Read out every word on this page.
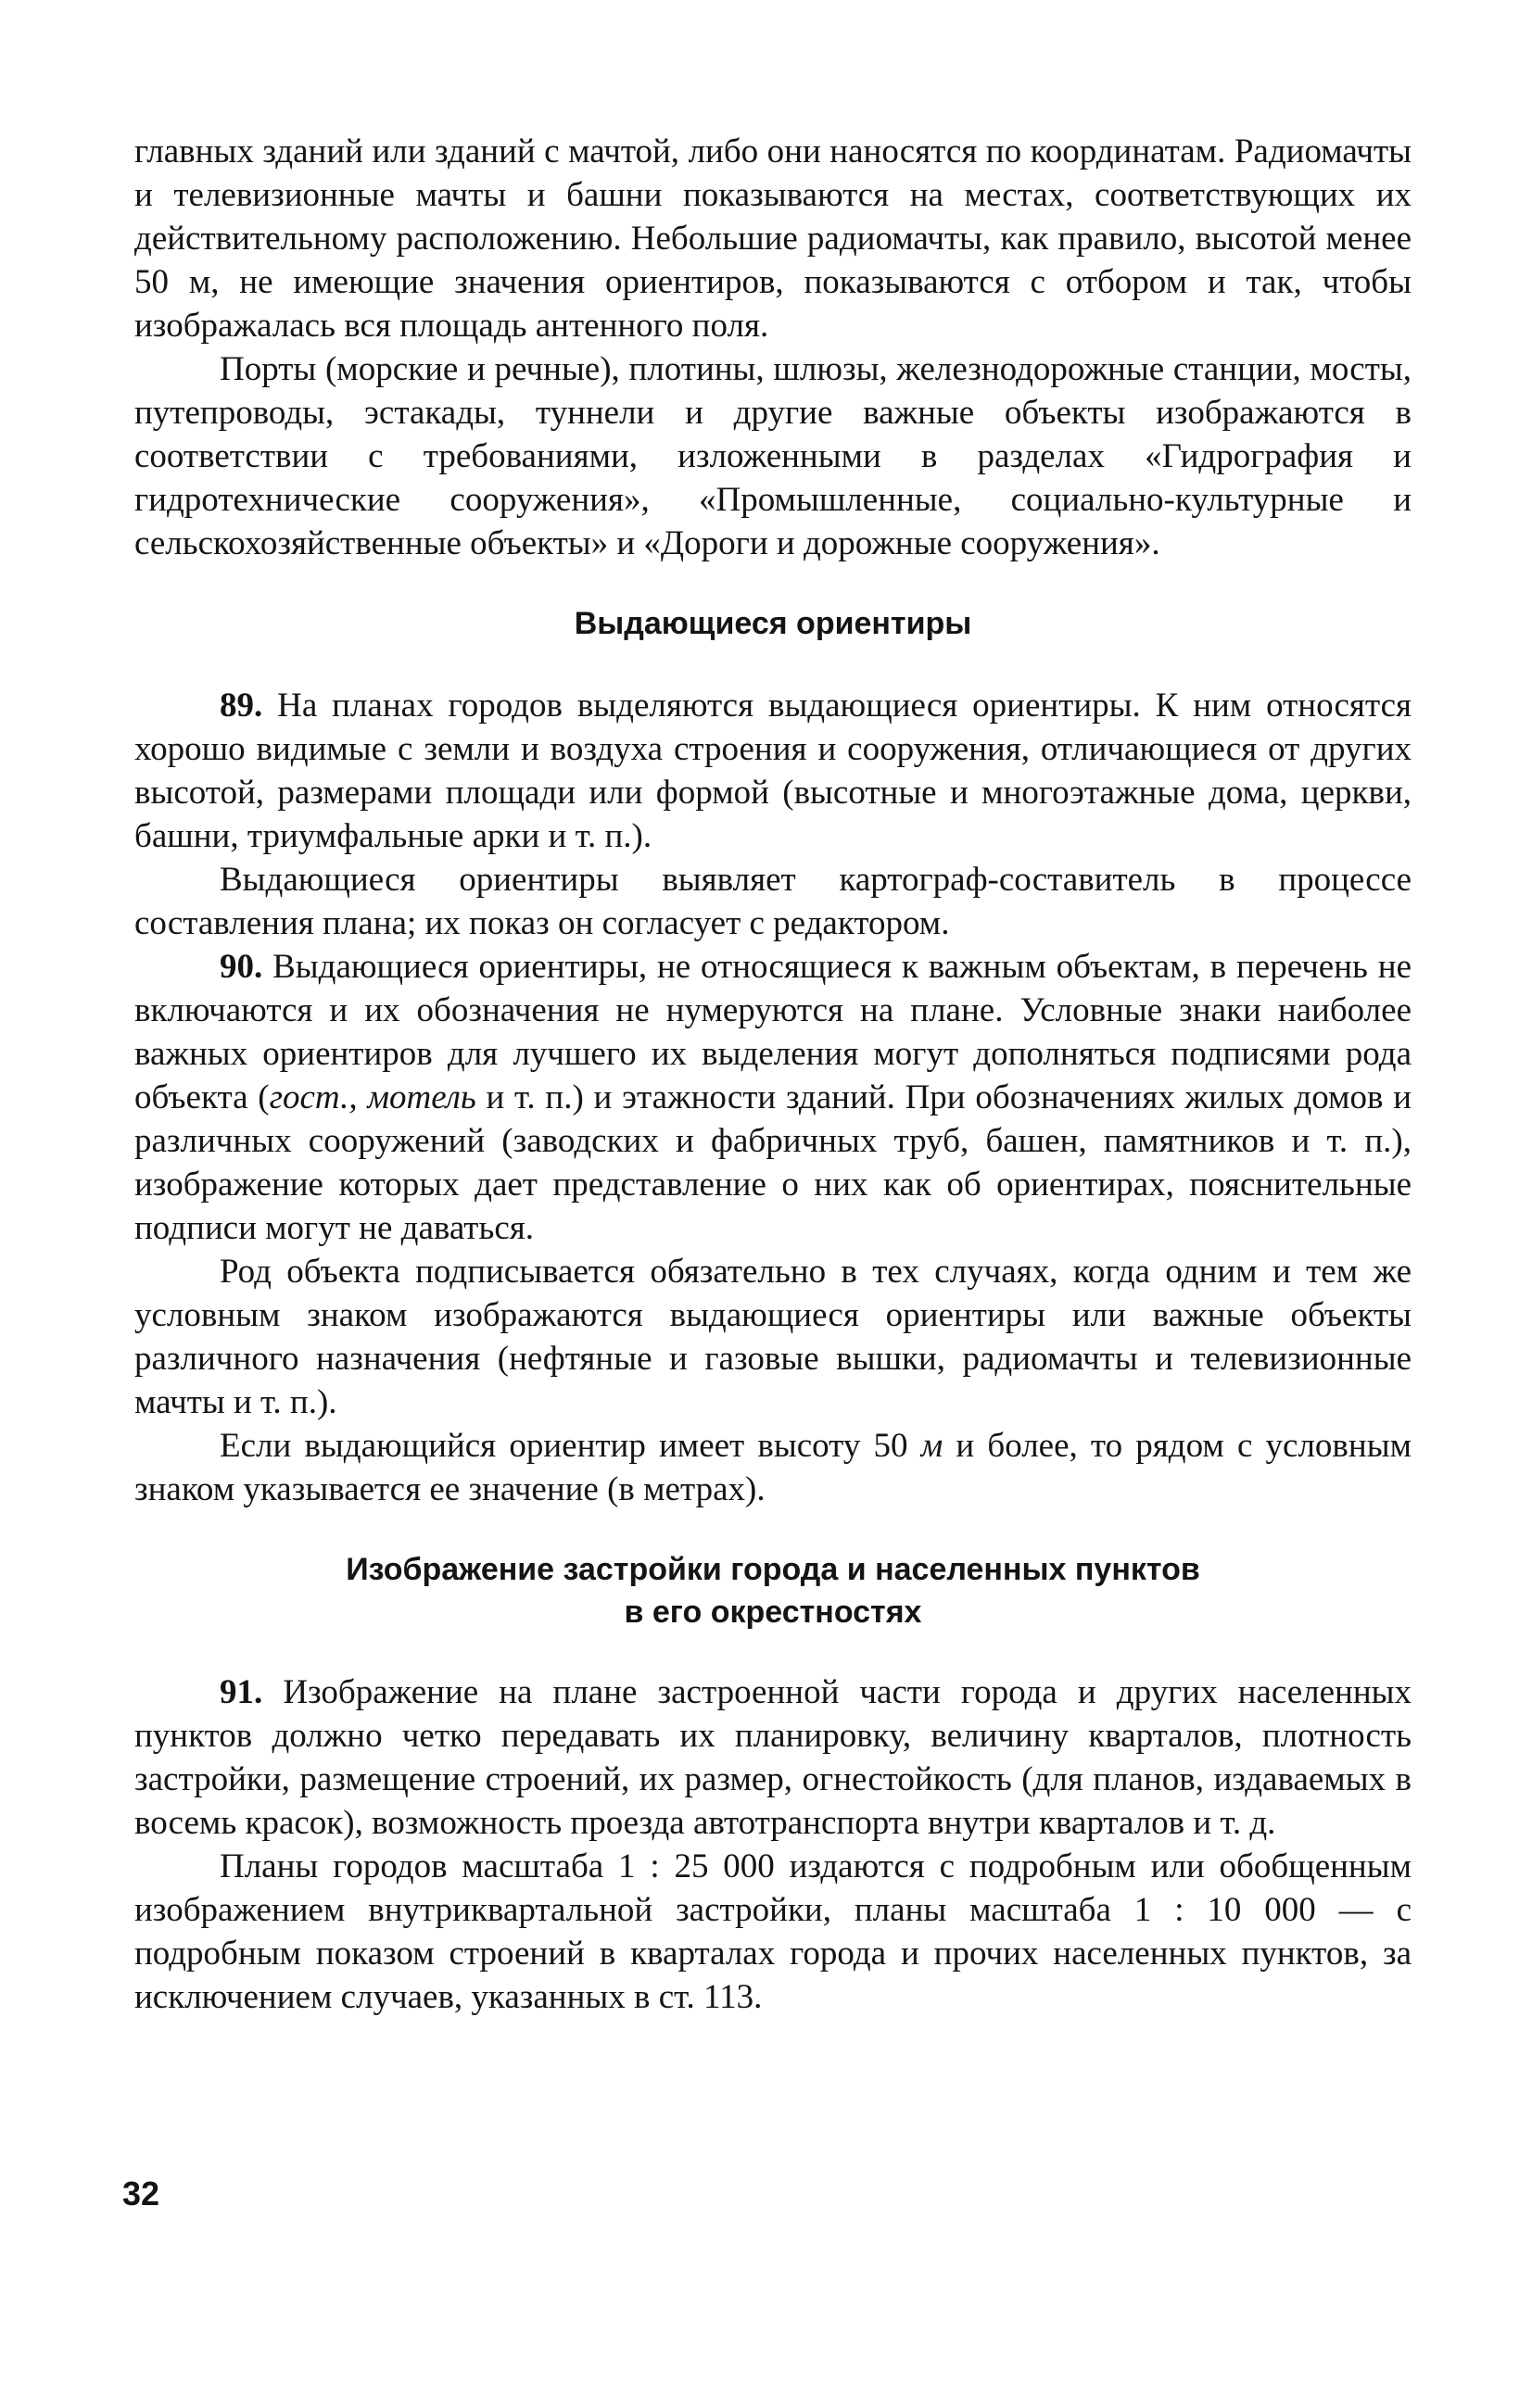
главных зданий или зданий с мачтой, либо они наносятся по координатам. Радиомачты и телевизионные мачты и башни показываются на местах, соответствующих их действительному расположению. Небольшие радиомачты, как правило, высотой менее 50 м, не имеющие значения ориентиров, показываются с отбором и так, чтобы изображалась вся площадь антенного поля.

Порты (морские и речные), плотины, шлюзы, железнодорожные станции, мосты, путепроводы, эстакады, туннели и другие важные объекты изображаются в соответствии с требованиями, изложенными в разделах «Гидрография и гидротехнические сооружения», «Промышленные, социально-культурные и сельскохозяйственные объекты» и «Дороги и дорожные сооружения».

Выдающиеся ориентиры

89. На планах городов выделяются выдающиеся ориентиры. К ним относятся хорошо видимые с земли и воздуха строения и сооружения, отличающиеся от других высотой, размерами площади или формой (высотные и многоэтажные дома, церкви, башни, триумфальные арки и т. п.).

Выдающиеся ориентиры выявляет картограф-составитель в процессе составления плана; их показ он согласует с редактором.

90. Выдающиеся ориентиры, не относящиеся к важным объектам, в перечень не включаются и их обозначения не нумеруются на плане. Условные знаки наиболее важных ориентиров для лучшего их выделения могут дополняться подписями рода объекта (гост., мотель и т. п.) и этажности зданий. При обозначениях жилых домов и различных сооружений (заводских и фабричных труб, башен, памятников и т. п.), изображение которых дает представление о них как об ориентирах, пояснительные подписи могут не даваться.

Род объекта подписывается обязательно в тех случаях, когда одним и тем же условным знаком изображаются выдающиеся ориентиры или важные объекты различного назначения (нефтяные и газовые вышки, радиомачты и телевизионные мачты и т. п.).

Если выдающийся ориентир имеет высоту 50 м и более, то рядом с условным знаком указывается ее значение (в метрах).

Изображение застройки города и населенных пунктов
в его окрестностях

91. Изображение на плане застроенной части города и других населенных пунктов должно четко передавать их планировку, величину кварталов, плотность застройки, размещение строений, их размер, огнестойкость (для планов, издаваемых в восемь красок), возможность проезда автотранспорта внутри кварталов и т. д.

Планы городов масштаба 1 : 25 000 издаются с подробным или обобщенным изображением внутриквартальной застройки, планы масштаба 1 : 10 000 — с подробным показом строений в кварталах города и прочих населенных пунктов, за исключением случаев, указанных в ст. 113.

32
